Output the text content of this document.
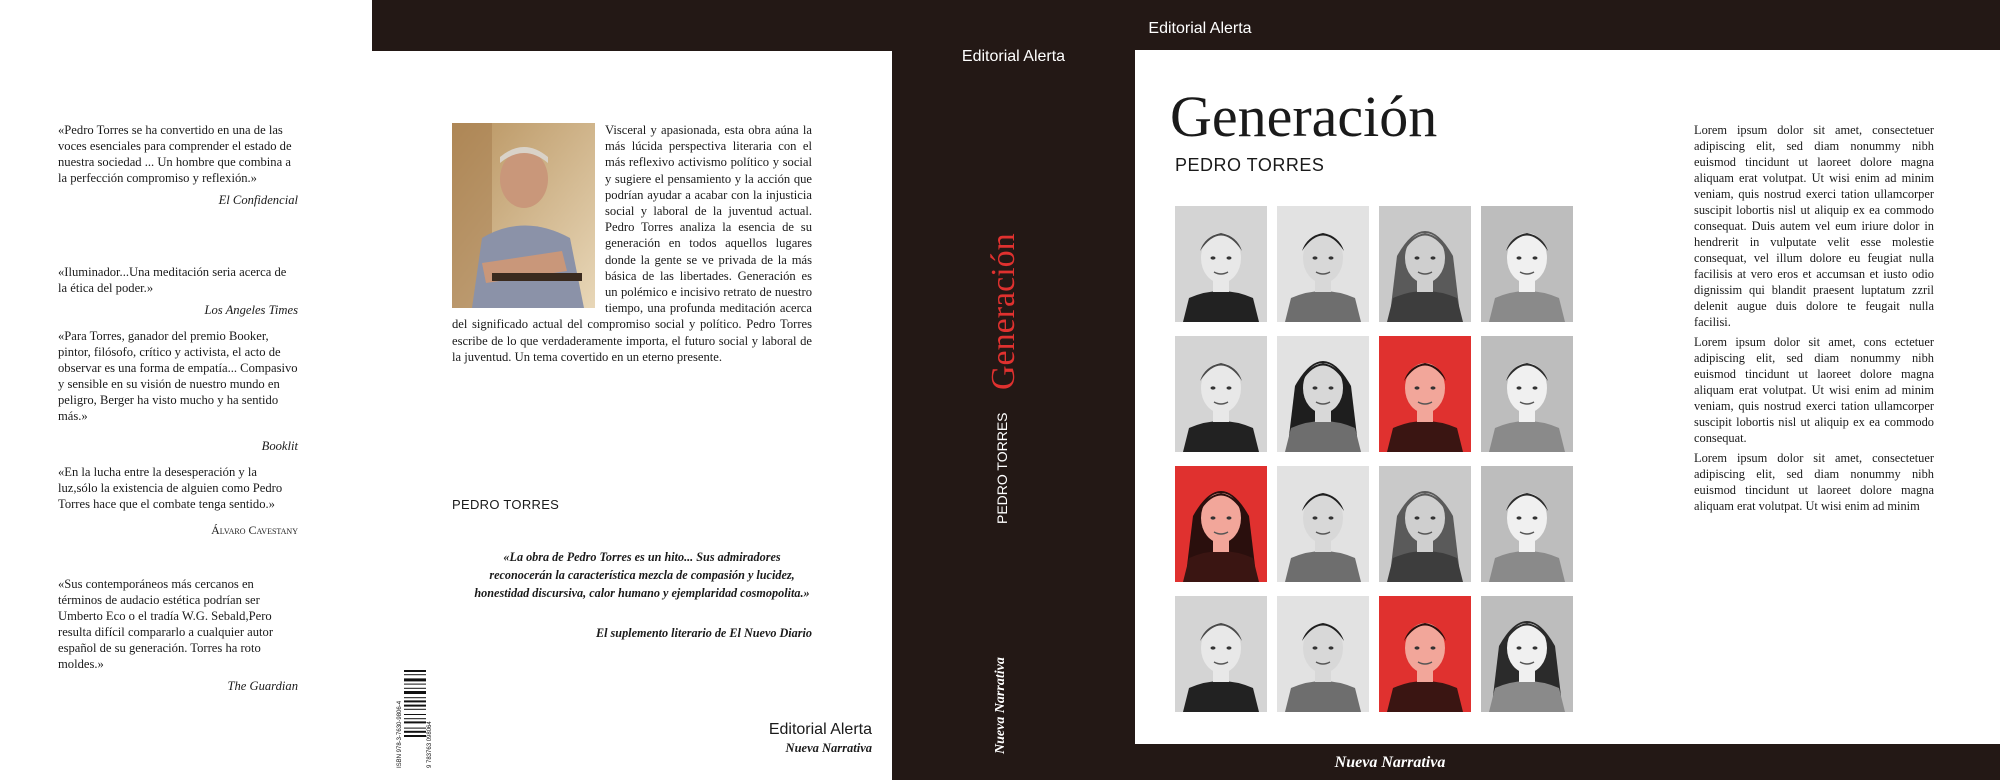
«Pedro Torres se ha convertido en una de las voces esenciales para comprender el estado de nuestra sociedad ... Un hombre que combina a la perfección compromiso y reflexión.»
El Confidencial
«Iluminador...Una meditación seria acerca de la ética del poder.»
Los Angeles Times
«Para Torres, ganador del premio Booker, pintor, filósofo, crítico y activista, el acto de observar es una forma de empatía... Compasivo y sensible en su visión de nuestro mundo en peligro, Berger ha visto mucho y ha sentido más.»
Booklit
«En la lucha entre la desesperación y la luz,sólo la existencia de alguien como Pedro Torres hace que el combate tenga sentido.»
Álvaro Cavestany
«Sus contemporáneos más cercanos en términos de audacio estética podrían ser Umberto Eco o el tradía W.G. Sebald,Pero resulta difícil compararlo a cualquier autor español de su generación. Torres ha roto moldes.»
The Guardian
Visceral y apasionada, esta obra aúna la más lúcida perspectiva literaria con el más reflexivo activismo político y social y sugiere el pensamiento y la acción que podrían ayudar a acabar con la injusticia social y laboral de la juventud actual. Pedro Torres analiza la esencia de su generación en todos aquellos lugares donde la gente se ve privada de la más básica de las libertades. Generación es un polémico e incisivo retrato de nuestro tiempo, una profunda meditación acerca del significado actual del compromiso social y político. Pedro Torres escribe de lo que verdaderamente importa, el futuro social y laboral de la juventud. Un tema covertido en un eterno presente.
PEDRO TORRES
«La obra de Pedro Torres es un hito... Sus admiradores reconocerán la característica mezcla de compasión y lucidez, honestidad discursiva, calor humano y ejemplaridad cosmopolita.»
El suplemento literario de El Nuevo Diario
ISBN 978-3-7630-9806-4	9 783763 098064	Editorial Alerta
Nueva Narrativa
Editorial Alerta
Generación
PEDRO TORRES
Nueva Narrativa
Editorial Alerta
Generación
PEDRO TORRES
Nueva Narrativa

Lorem ipsum dolor sit amet, consectetuer adipiscing elit, sed diam nonummy nibh euismod tincidunt ut laoreet dolore magna aliquam erat volutpat. Ut wisi enim ad minim veniam, quis nostrud exerci tation ullamcorper suscipit lobortis nisl ut aliquip ex ea commodo consequat. Duis autem vel eum iriure dolor in hendrerit in vulputate velit esse molestie consequat, vel illum dolore eu feugiat nulla facilisis at vero eros et accumsan et iusto odio dignissim qui blandit praesent luptatum zzril delenit augue duis dolore te feugait nulla facilisi.

Lorem ipsum dolor sit amet, cons ectetuer adipiscing elit, sed diam nonummy nibh euismod tincidunt ut laoreet dolore magna aliquam erat volutpat. Ut wisi enim ad minim veniam, quis nostrud exerci tation ullamcorper suscipit lobortis nisl ut aliquip ex ea commodo consequat.

Lorem ipsum dolor sit amet, consectetuer adipiscing elit, sed diam nonummy nibh euismod tincidunt ut laoreet dolore magna aliquam erat volutpat. Ut wisi enim ad minim
